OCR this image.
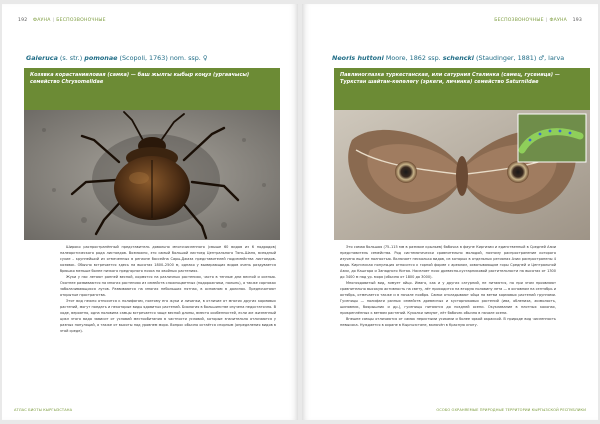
192 ФАУНА | БЕСПОЗВОНОЧНЫЕ
Galeruca (s. str.) pomonae (Scopoli, 1763) nom. ssp. ♀
Козявка корастанииловая (самка) — баш жылгы кыбыр коңуз (ургаачысы) семейство Chrysomelidae

Широко распространённый представитель довольно многочисленного (свыше 60 видов из 6 подродов) палеарктического рода листоедов. Возможно, это самый большой листоед Центрального Тянь-Шаня, всеядный сухие – крупнейший из отмеченных в регионе бассейна Сары-Джаза представителей подсемейства листоедов-козявок. Обычно встречается здесь на высотах 1800–2500 м, однако у вымирающих видов очень раздувается брюшко меньше более низкого предгорного пояса на хвойных растениях.

Жуки у нас летают ранней весной, кормятся на различных растениях, часто в теплые дни весной и осенью. Охотнее развиваются на многих растениях из семейств сложноцветных (подорожники, полынь), а также сорняках заболачивающихся лугов. Развиваются на многих небольших пятнах, в основном в долинах. Предпочитают открытые пространства.

Этот вид нежно относится к полифагам, поэтому его жуки и личинки, в отличие от многих других кормовых растений, могут поедать и некоторые виды ядовитых растений. Биология в большинстве изучена недостаточно. В ходе, вероятно, одна половина самцы встречается чаще весной длины, вместо особенностей, если же жизненный цикл этого вида зависит от условий местообитания в частности условий, которые значительно отличаются у разных популяций, а также от высоты над уровнем моря. Вопрос обычно остаётся спорным (определения видов в этой среде).

АТЛАС БИОТЫ КЫРГЫЗСТАНА
БЕСПОЗВОНОЧНЫЕ | ФАУНА 193
Neoris huttoni Moore, 1862 ssp. schencki (Staudinger, 1881) ♂, larva
Павлиноглазка туркестанская, или сатурния Сталинка (самец, гусеница) — Туркстан шайтан-көпөлөгү (эркеги, личинка) семейство Saturniidae

Это самая большая (75–115 мм в размахе крыльев) бабочка в фауне Киргизии и единственный в Средней Азии представитель семейства. Род систематически сравнительно молодой, поэтому распространение которого изучено ещё не полностью. Включает несколько видов, из которых в отдельных регионах Азии распространены 4 вида. Киргизская популяция относится к горной форме с ареалом, охватывающим горы Средней и Центральной Азии, до Кашгара и Западного Китая. Населяет пояс древесно-кустарниковой растительности на высотах от 1300 до 3400 м над ур. моря (обычно от 1800 до 3000).

Многоядовитый вид, зимует яйцо. Имаго, как и у других сатурний, не питаются, но при этом проявляют сравнительно высокую активность на свету, лёт приходится на вторую половину лета — в основном на сентябрь и октябрь, отмечается также и в начале ноября. Самки откладывают яйца на ветви кормовых растений группами. Гусеницы — полифаги разных семейств древесных и кустарниковых растений (ива, облепиха, жимолость, шиповник, боярышник и др.), гусеницы питаются до поздней осени. Окукливание в плотных коконах, прикреплённых к ветвям растений. Куколки зимуют, лёт бабочек обычно в начале осени.

Внешне самцы отличаются от самок перистыми усиками и более яркой окраской. В природе вид численность невысока. Нуждается в охране в Кыргызстане, включён в Красную книгу.

ОСОБО ОХРАНЯЕМЫЕ ПРИРОДНЫЕ ТЕРРИТОРИИ КЫРГЫЗСКОЙ РЕСПУБЛИКИ
